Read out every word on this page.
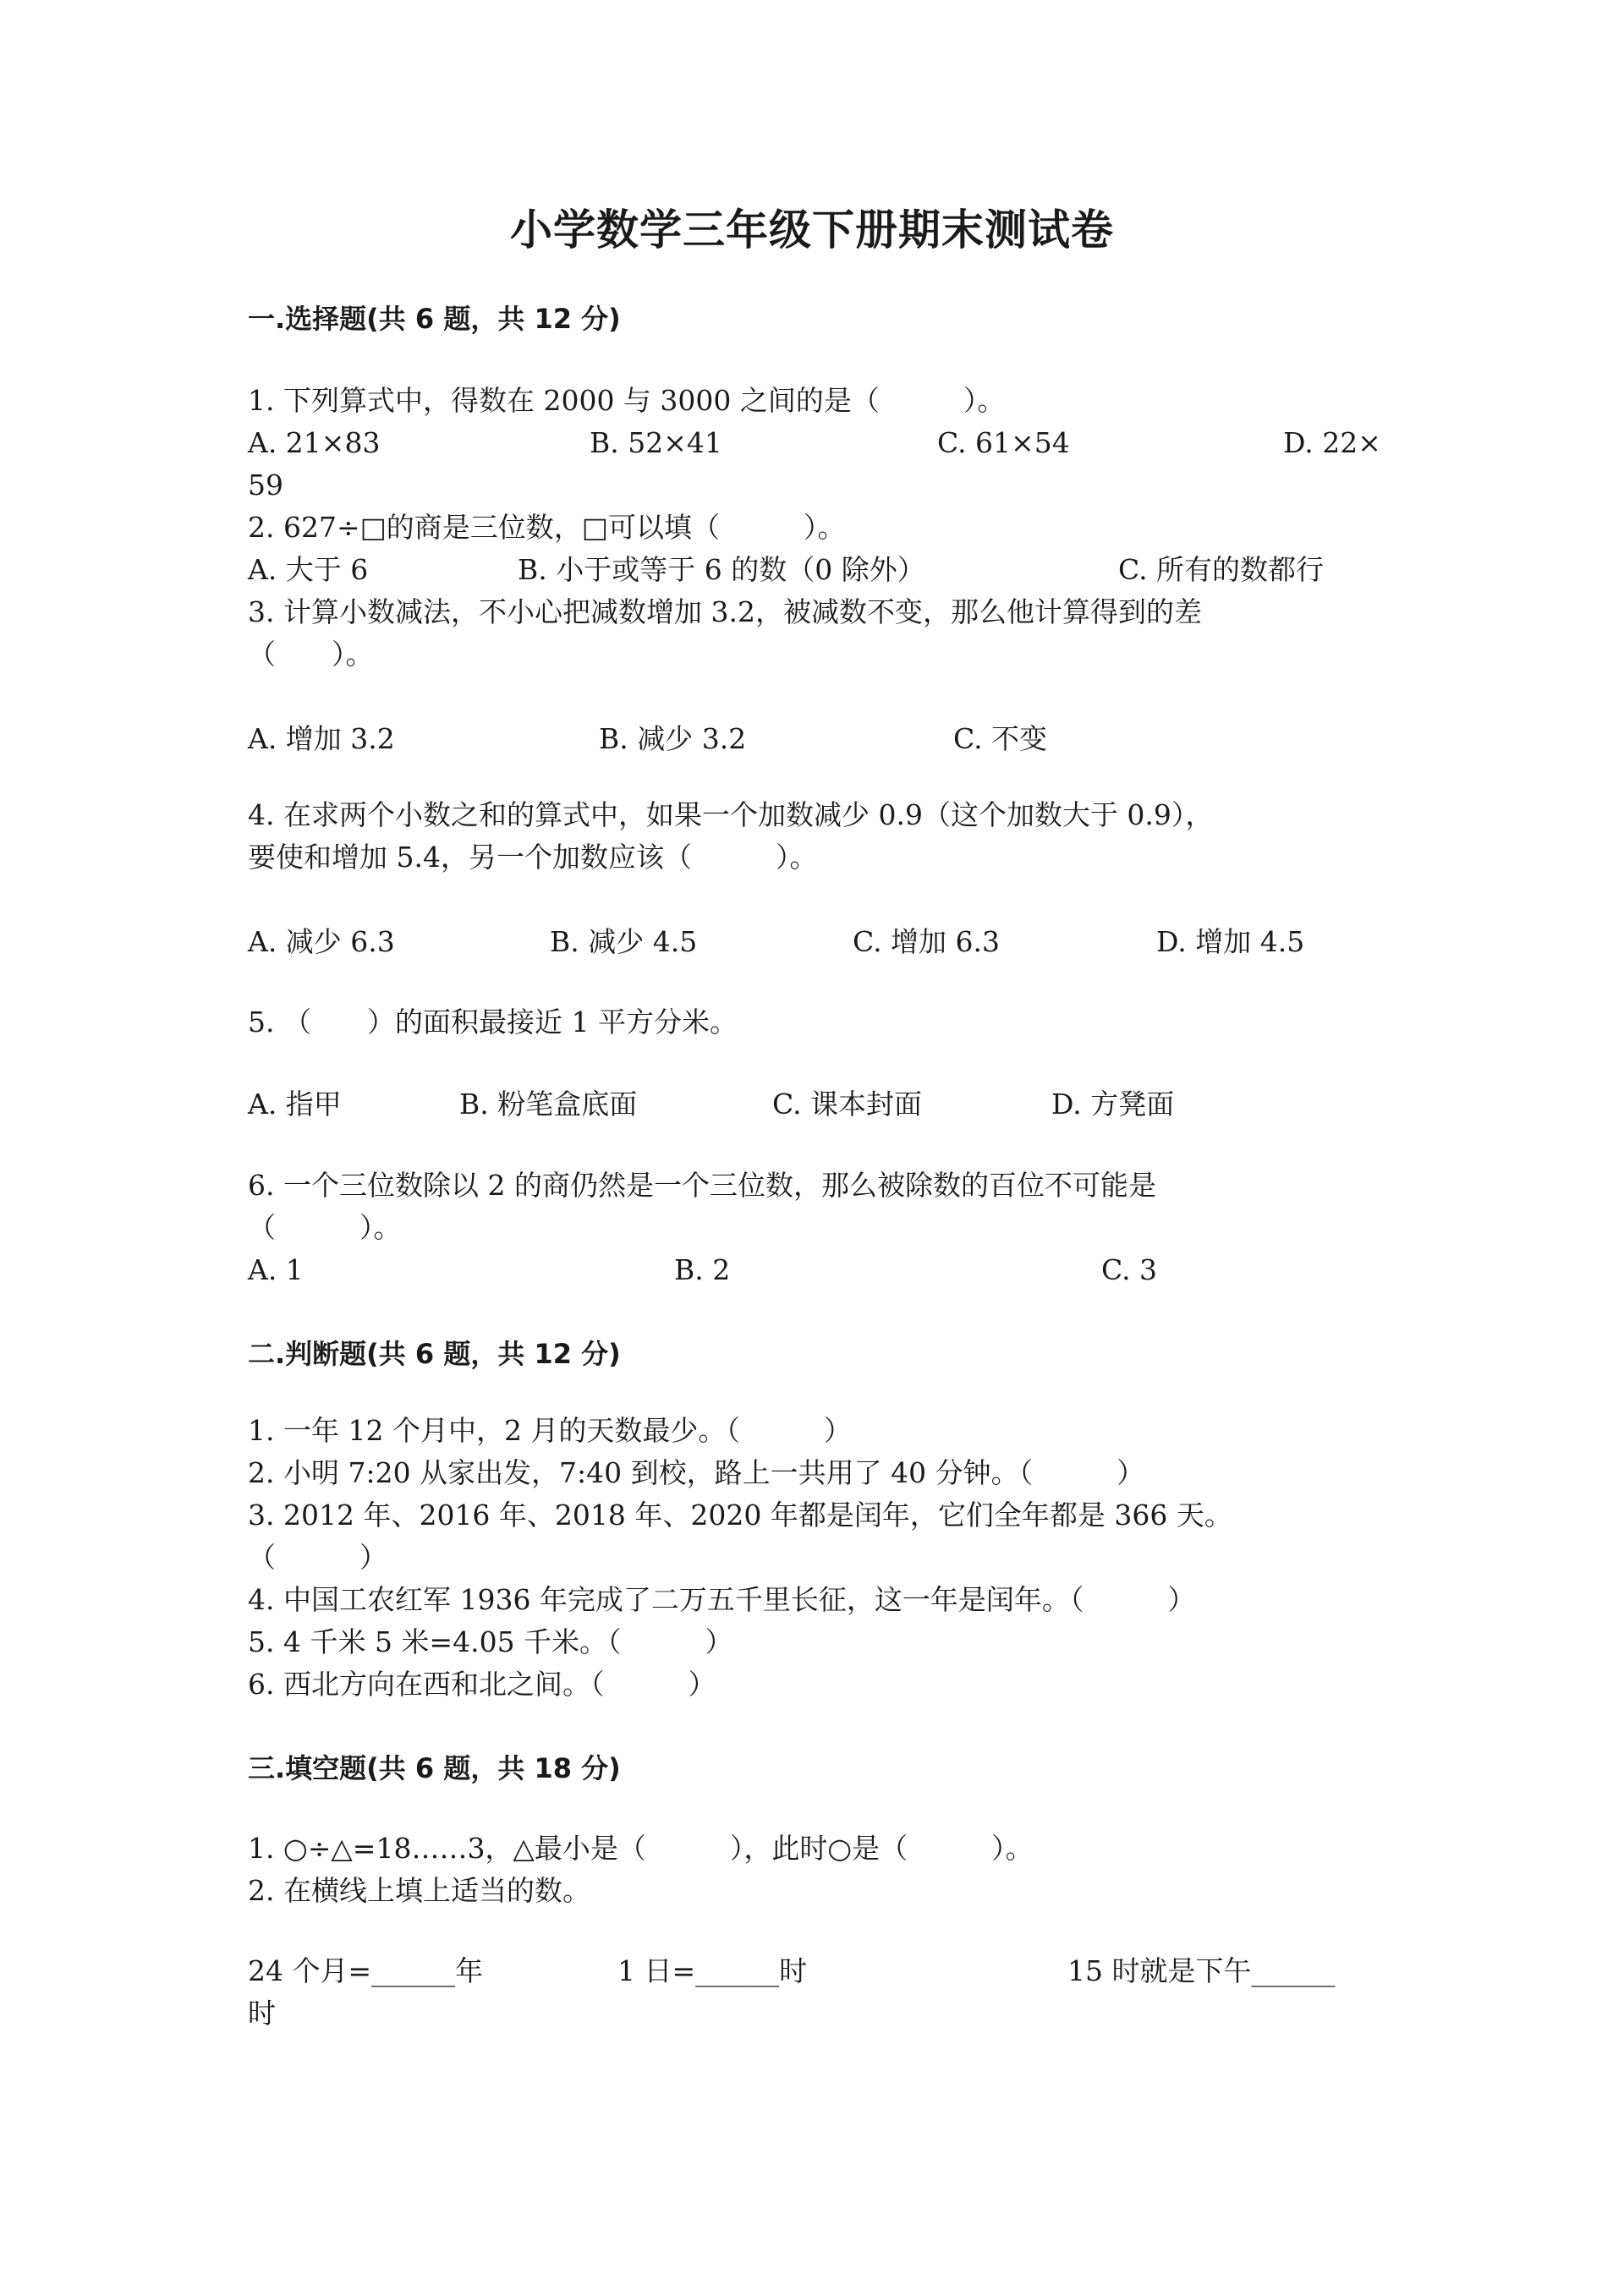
小学数学三年级下册期末测试卷
一.选择题(共 6 题，共 12 分)
1. 下列算式中，得数在 2000 与 3000 之间的是（　　　）。
A. 21×83	B. 52×41	C. 61×54	D. 22×
59
2. 627÷□的商是三位数，□可以填（　　　）。
A. 大于 6	B. 小于或等于 6 的数（0 除外）	C. 所有的数都行
3. 计算小数减法，不小心把减数增加 3.2，被减数不变，那么他计算得到的差
（　　）。
A. 增加 3.2	B. 减少 3.2	C. 不变
4. 在求两个小数之和的算式中，如果一个加数减少 0.9（这个加数大于 0.9），
要使和增加 5.4，另一个加数应该（　　　）。
A. 减少 6.3	B. 减少 4.5	C. 增加 6.3	D. 增加 4.5
5. （　　）的面积最接近 1 平方分米。
A. 指甲	B. 粉笔盒底面	C. 课本封面	D. 方凳面
6. 一个三位数除以 2 的商仍然是一个三位数，那么被除数的百位不可能是
（　　　）。
A. 1	B. 2	C. 3
二.判断题(共 6 题，共 12 分)
1. 一年 12 个月中，2 月的天数最少。（　　　）
2. 小明 7:20 从家出发，7:40 到校，路上一共用了 40 分钟。（　　　）
3. 2012 年、2016 年、2018 年、2020 年都是闰年，它们全年都是 366 天。
（　　　）
4. 中国工农红军 1936 年完成了二万五千里长征，这一年是闰年。（　　　）
5. 4 千米 5 米=4.05 千米。（　　　）
6. 西北方向在西和北之间。（　　　）
三.填空题(共 6 题，共 18 分)
1. ○÷△=18……3，△最小是（　　　），此时○是（　　　）。
2. 在横线上填上适当的数。
24 个月=______年	1 日=______时	15 时就是下午______
时
